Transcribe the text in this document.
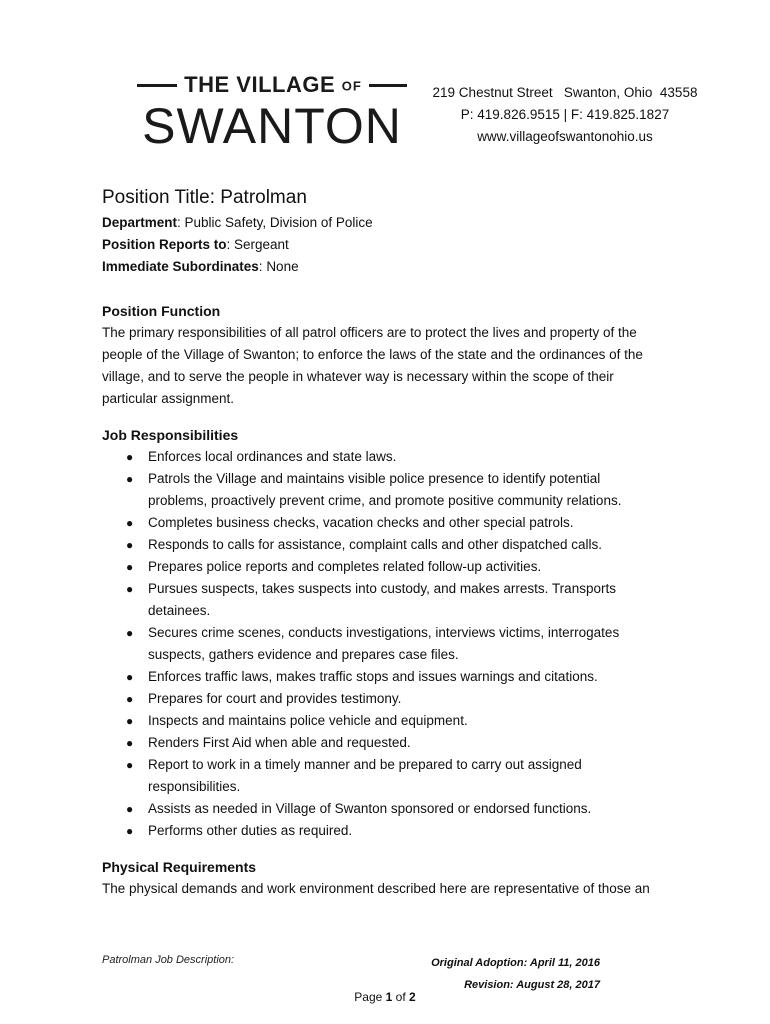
THE VILLAGE OF
SWANTON
219 Chestnut Street   Swanton, Ohio  43558
P: 419.826.9515 | F: 419.825.1827
www.villageofswantonohio.us

Position Title: Patrolman

Department: Public Safety, Division of Police

Position Reports to: Sergeant

Immediate Subordinates: None

Position Function

The primary responsibilities of all patrol officers are to protect the lives and property of the people of the Village of Swanton; to enforce the laws of the state and the ordinances of the village, and to serve the people in whatever way is necessary within the scope of their particular assignment.

Job Responsibilities

● Enforces local ordinances and state laws.
● Patrols the Village and maintains visible police presence to identify potential problems, proactively prevent crime, and promote positive community relations.
● Completes business checks, vacation checks and other special patrols.
● Responds to calls for assistance, complaint calls and other dispatched calls.
● Prepares police reports and completes related follow-up activities.
● Pursues suspects, takes suspects into custody, and makes arrests. Transports detainees.
● Secures crime scenes, conducts investigations, interviews victims, interrogates suspects, gathers evidence and prepares case files.
● Enforces traffic laws, makes traffic stops and issues warnings and citations.
● Prepares for court and provides testimony.
● Inspects and maintains police vehicle and equipment.
● Renders First Aid when able and requested.
● Report to work in a timely manner and be prepared to carry out assigned responsibilities.
● Assists as needed in Village of Swanton sponsored or endorsed functions.
● Performs other duties as required.

Physical Requirements

The physical demands and work environment described here are representative of those an

Patrolman Job Description:	Original Adoption: April 11, 2016
Revision: August 28, 2017
Page 1 of 2
